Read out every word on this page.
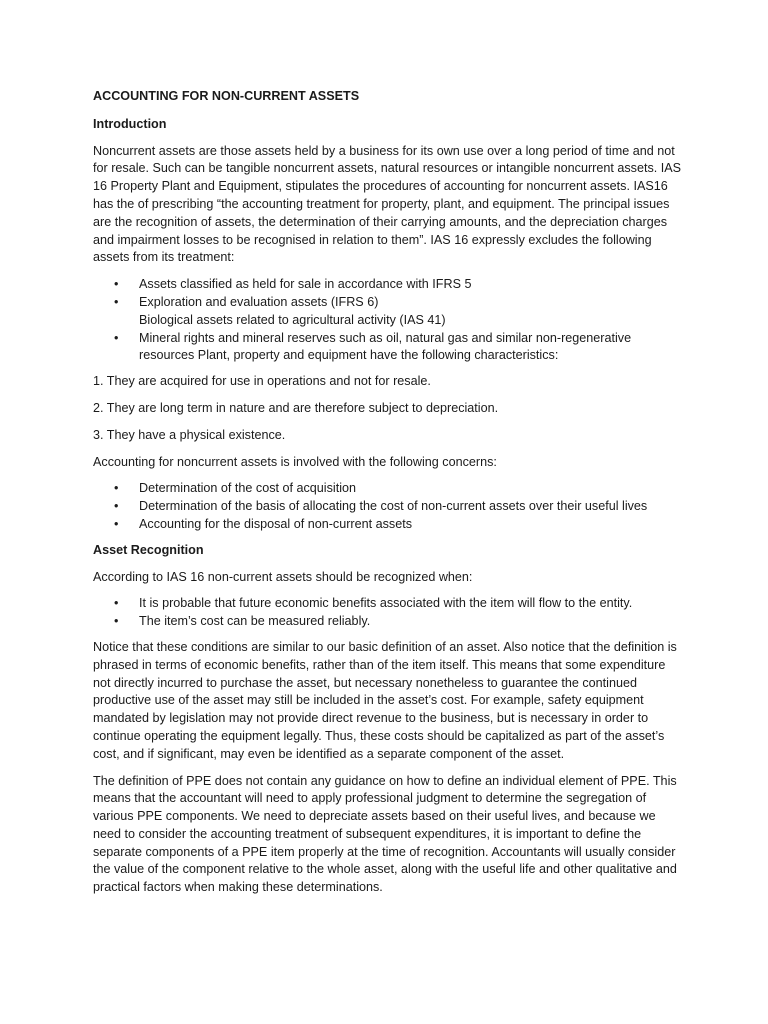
ACCOUNTING FOR NON-CURRENT ASSETS
Introduction

Noncurrent assets are those assets held by a business for its own use over a long period of time and not for resale. Such can be tangible noncurrent assets, natural resources or intangible noncurrent assets. IAS 16 Property Plant and Equipment, stipulates the procedures of accounting for noncurrent assets. IAS16 has the of prescribing “the accounting treatment for property, plant, and equipment. The principal issues are the recognition of assets, the determination of their carrying amounts, and the depreciation charges and impairment losses to be recognised in relation to them”. IAS 16 expressly excludes the following assets from its treatment:

• Assets classified as held for sale in accordance with IFRS 5
• Exploration and evaluation assets (IFRS 6)
Biological assets related to agricultural activity (IAS 41)
• Mineral rights and mineral reserves such as oil, natural gas and similar non-regenerative resources Plant, property and equipment have the following characteristics:

1. They are acquired for use in operations and not for resale.

2. They are long term in nature and are therefore subject to depreciation.

3. They have a physical existence.

Accounting for noncurrent assets is involved with the following concerns:

• Determination of the cost of acquisition
• Determination of the basis of allocating the cost of non-current assets over their useful lives
• Accounting for the disposal of non-current assets
Asset Recognition

According to IAS 16 non-current assets should be recognized when:

• It is probable that future economic benefits associated with the item will flow to the entity.
• The item’s cost can be measured reliably.

Notice that these conditions are similar to our basic definition of an asset. Also notice that the definition is phrased in terms of economic benefits, rather than of the item itself. This means that some expenditure not directly incurred to purchase the asset, but necessary nonetheless to guarantee the continued productive use of the asset may still be included in the asset’s cost. For example, safety equipment mandated by legislation may not provide direct revenue to the business, but is necessary in order to continue operating the equipment legally. Thus, these costs should be capitalized as part of the asset’s cost, and if significant, may even be identified as a separate component of the asset.

The definition of PPE does not contain any guidance on how to define an individual element of PPE. This means that the accountant will need to apply professional judgment to determine the segregation of various PPE components. We need to depreciate assets based on their useful lives, and because we need to consider the accounting treatment of subsequent expenditures, it is important to define the separate components of a PPE item properly at the time of recognition. Accountants will usually consider the value of the component relative to the whole asset, along with the useful life and other qualitative and practical factors when making these determinations.
